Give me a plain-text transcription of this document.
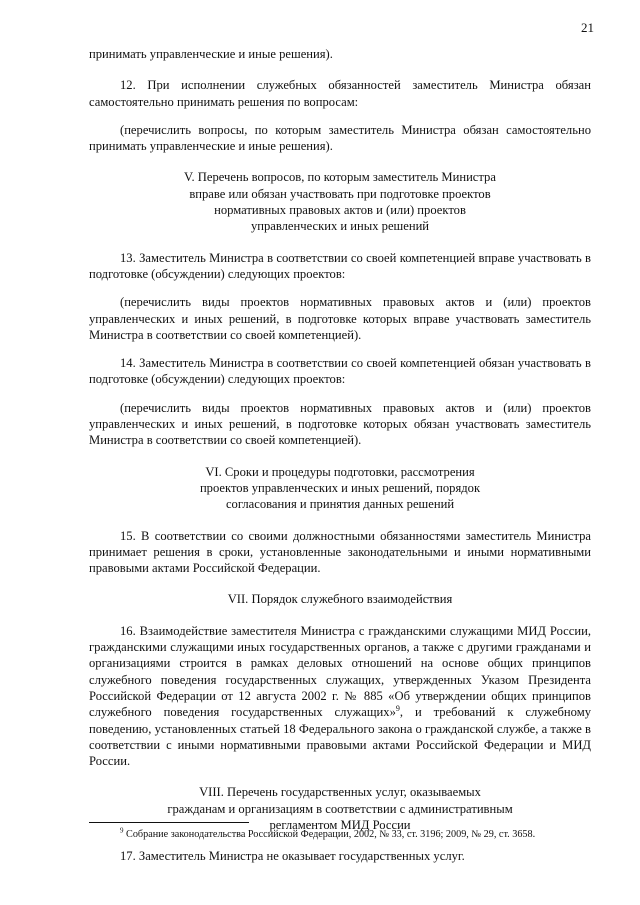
21

принимать управленческие и иные решения).

12. При исполнении служебных обязанностей заместитель Министра обязан самостоятельно принимать решения по вопросам:

(перечислить вопросы, по которым заместитель Министра обязан самостоятельно принимать управленческие и иные решения).

V. Перечень вопросов, по которым заместитель Министра
вправе или обязан участвовать при подготовке проектов
нормативных правовых актов и (или) проектов
управленческих и иных решений

13. Заместитель Министра в соответствии со своей компетенцией вправе участвовать в подготовке (обсуждении) следующих проектов:

(перечислить виды проектов нормативных правовых актов и (или) проектов управленческих и иных решений, в подготовке которых вправе участвовать заместитель Министра в соответствии со своей компетенцией).

14. Заместитель Министра в соответствии со своей компетенцией обязан участвовать в подготовке (обсуждении) следующих проектов:

(перечислить виды проектов нормативных правовых актов и (или) проектов управленческих и иных решений, в подготовке которых обязан участвовать заместитель Министра в соответствии со своей компетенцией).

VI. Сроки и процедуры подготовки, рассмотрения
проектов управленческих и иных решений, порядок
согласования и принятия данных решений

15. В соответствии со своими должностными обязанностями заместитель Министра принимает решения в сроки, установленные законодательными и иными нормативными правовыми актами Российской Федерации.

VII. Порядок служебного взаимодействия

16. Взаимодействие заместителя Министра с гражданскими служащими МИД России, гражданскими служащими иных государственных органов, а также с другими гражданами и организациями строится в рамках деловых отношений на основе общих принципов служебного поведения государственных служащих, утвержденных Указом Президента Российской Федерации от 12 августа 2002 г. № 885 «Об утверждении общих принципов служебного поведения государственных служащих»$^9$, и требований к служебному поведению, установленных статьей 18 Федерального закона о гражданской службе, а также в соответствии с иными нормативными правовыми актами Российской Федерации и МИД России.

VIII. Перечень государственных услуг, оказываемых
гражданам и организациям в соответствии с административным
регламентом МИД России

17. Заместитель Министра не оказывает государственных услуг.

$^9$ Собрание законодательства Российской Федерации, 2002, № 33, ст. 3196; 2009, № 29, ст. 3658.
